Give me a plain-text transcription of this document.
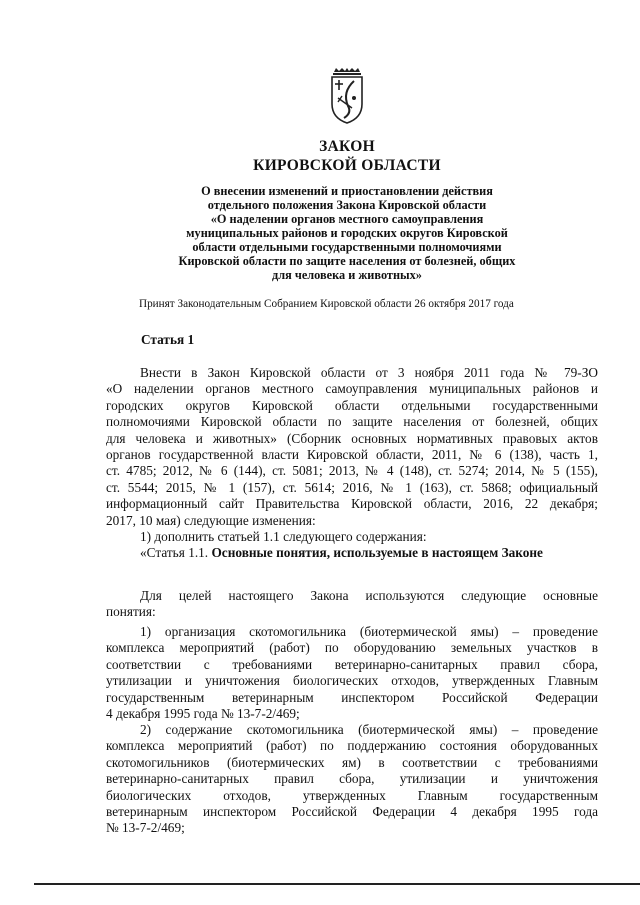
ЗАКОН
КИРОВСКОЙ ОБЛАСТИ
О внесении изменений и приостановлении действия
отдельного положения Закона Кировской области
«О наделении органов местного самоуправления
муниципальных районов и городских округов Кировской
области отдельными государственными полномочиями
Кировской области по защите населения от болезней, общих
для человека и животных»
Принят Законодательным Собранием Кировской области 26 октября 2017 года
Статья 1
Внести в Закон Кировской области от 3 ноября 2011 года № 79-ЗО
«О наделении органов местного самоуправления муниципальных районов и
городских округов Кировской области отдельными государственными
полномочиями Кировской области по защите населения от болезней, общих
для человека и животных» (Сборник основных нормативных правовых актов
органов государственной власти Кировской области, 2011, № 6 (138), часть 1,
ст. 4785; 2012, № 6 (144), ст. 5081; 2013, № 4 (148), ст. 5274; 2014, № 5 (155),
ст. 5544; 2015, № 1 (157), ст. 5614; 2016, № 1 (163), ст. 5868; официальный
информационный сайт Правительства Кировской области, 2016, 22 декабря;
2017, 10 мая) следующие изменения:
1) дополнить статьей 1.1 следующего содержания:
«Статья 1.1. Основные понятия, используемые в настоящем Законе
Для целей настоящего Закона используются следующие основные
понятия:
1) организация скотомогильника (биотермической ямы) – проведение
комплекса мероприятий (работ) по оборудованию земельных участков в
соответствии с требованиями ветеринарно-санитарных правил сбора,
утилизации и уничтожения биологических отходов, утвержденных Главным
государственным ветеринарным инспектором Российской Федерации
4 декабря 1995 года № 13-7-2/469;
2) содержание скотомогильника (биотермической ямы) – проведение
комплекса мероприятий (работ) по поддержанию состояния оборудованных
скотомогильников (биотермических ям) в соответствии с требованиями
ветеринарно-санитарных правил сбора, утилизации и уничтожения
биологических отходов, утвержденных Главным государственным
ветеринарным инспектором Российской Федерации 4 декабря 1995 года
№ 13-7-2/469;
